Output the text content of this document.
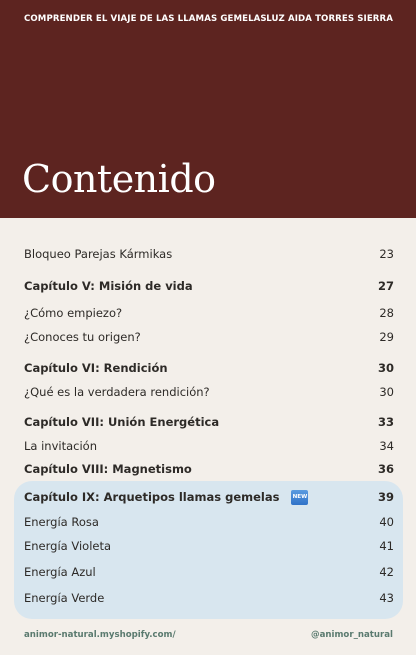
COMPRENDER EL VIAJE DE LAS LLAMAS GEMELAS LUZ AIDA TORRES SIERRA
Contenido
Bloqueo Parejas Kármikas	23
Capítulo V: Misión de vida	27
¿Cómo empiezo?	28
¿Conoces tu origen?	29
Capítulo VI: Rendición	30
¿Qué es la verdadera rendición?	30
Capítulo VII: Unión Energética	33
La invitación	34
Capítulo VIII: Magnetismo	36
Capítulo IX: Arquetipos llamas gemelas NEW	39
Energía Rosa	40
Energía Violeta	41
Energía Azul	42
Energía Verde	43
animor-natural.myshopify.com/	@animor_natural
